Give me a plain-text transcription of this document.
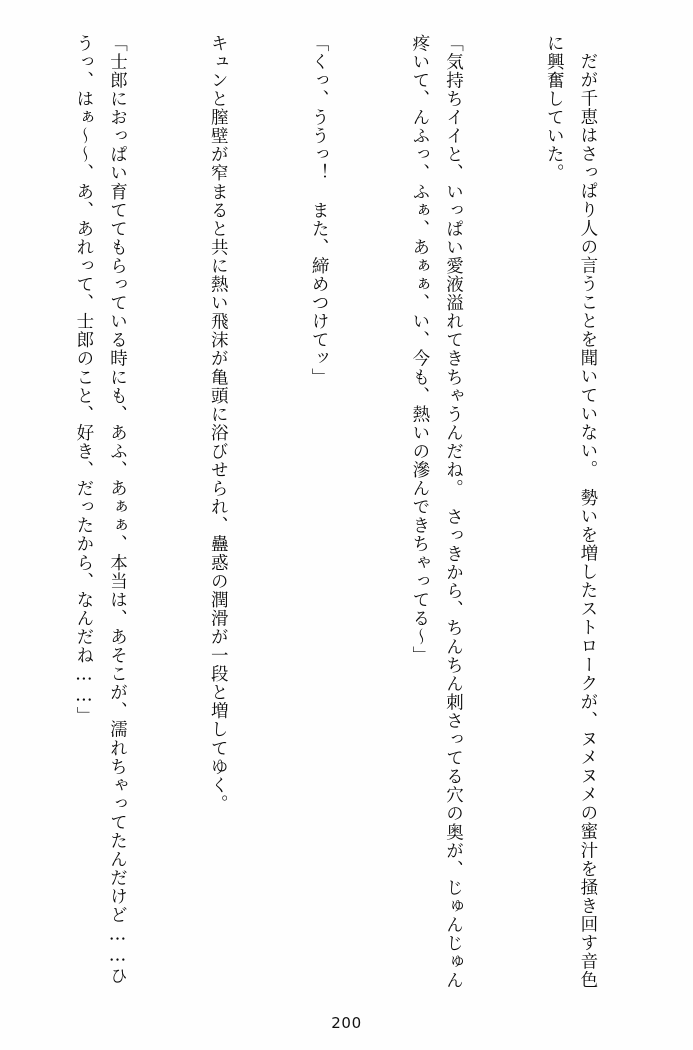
だが千恵はさっぱり人の言うことを聞いていない。　勢いを増したストロークが、ヌメヌメの蜜汁を掻き回す音色に興奮していた。

「気持ちイイと、いっぱい愛液溢れてきちゃうんだね。　さっきから、ちんちん刺さってる穴の奥が、じゅんじゅん疼いて、んふっ、ふぁ、あぁぁ、い、今も、熱いの滲んできちゃってる〜」

「くっ、ううっ！　また、締めつけてッ」

キュンと膣壁が窄まると共に熱い飛沫が亀頭に浴びせられ、蠱惑の潤滑が一段と増してゆく。

「士郎におっぱい育ててもらっている時にも、あふ、あぁぁ、本当は、あそこが、濡れちゃってたんだけど……ひうっ、はぁ〜〜、あ、あれって、士郎のこと、好き、だったから、なんだね……」

200
